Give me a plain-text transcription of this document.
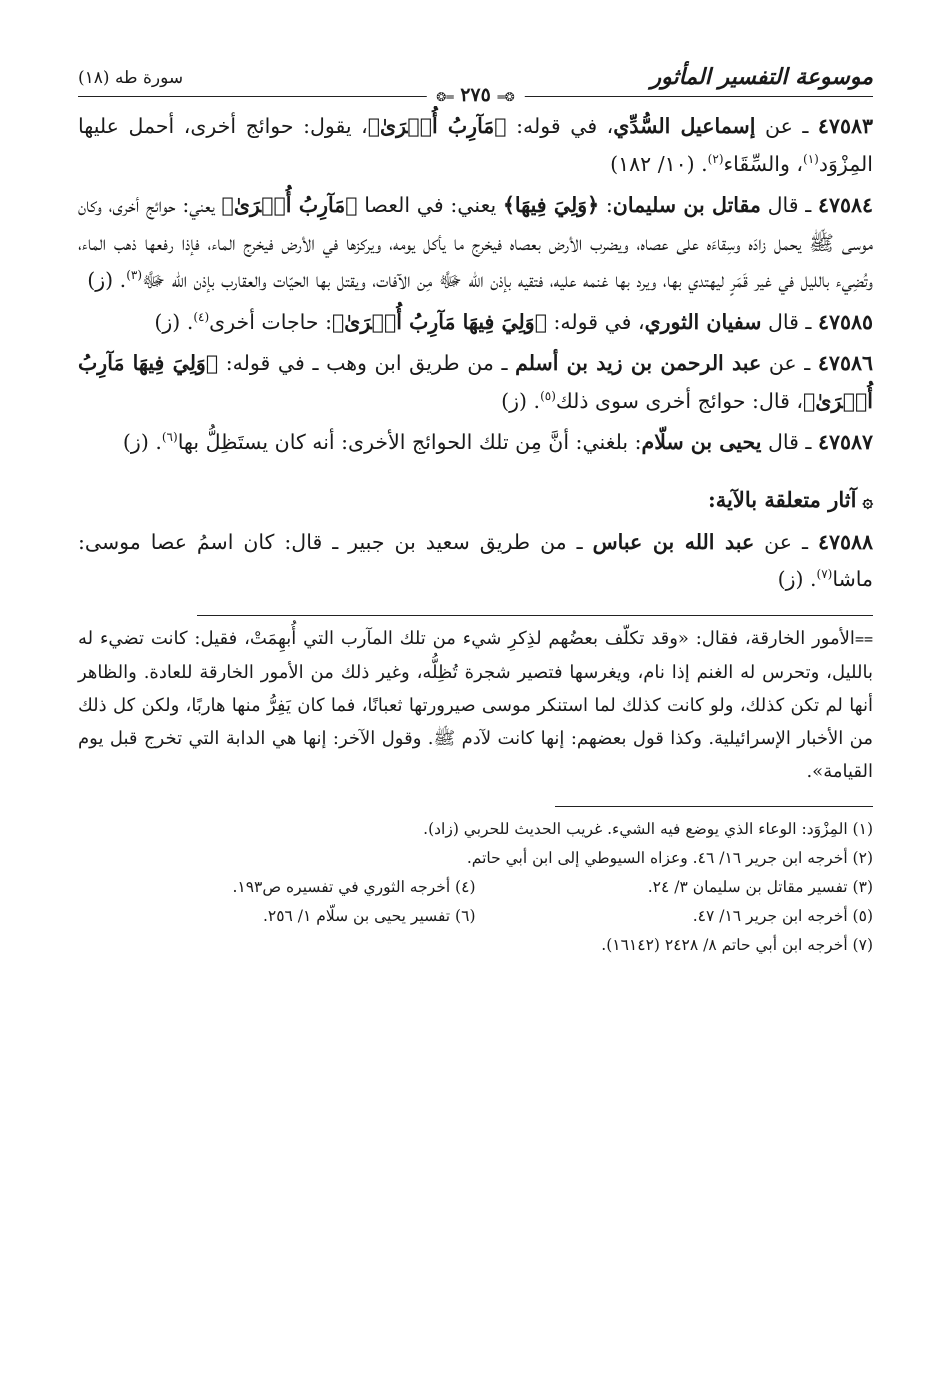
موسوعة التفسير المأثور
❂═ ٢٧٥ ═❂
سورة طه (١٨)

٤٧٥٨٣ ـ عن إسماعيل السُّدِّي، في قوله: ﴿مَآرِبُ أُخۡرَىٰ﴾، يقول: حوائج أخرى، أحمل عليها المِزْوَد$^{(١)}$، والسِّقَاء$^{(٢)}$. (١٠/ ١٨٢)

٤٧٥٨٤ ـ قال مقاتل بن سليمان: ﴿وَلِيَ فِيهَا﴾ يعني: في العصا ﴿مَآرِبُ أُخۡرَىٰ﴾ يعني: حوائج أخرى، وكان موسى ﷺ يحمل زادَه وسِقاءَه على عصاه، ويضرب الأرض بعصاه فيخرج ما يأكل يومه، ويركزها في الأرض فيخرج الماء، فإذا رفعها ذهب الماء، وتُضِيء بالليل في غير قَمَرٍ ليهتدي بها، ويرد بها غنمه عليه، فتقيه بإذن الله ﷻ مِن الآفات، ويقتل بها الحيّات والعقارب بإذن الله ﷻ$^{(٣)}$. (ز)

٤٧٥٨٥ ـ قال سفيان الثوري، في قوله: ﴿وَلِيَ فِيهَا مَآرِبُ أُخۡرَىٰ﴾: حاجات أخرى$^{(٤)}$. (ز)

٤٧٥٨٦ ـ عن عبد الرحمن بن زيد بن أسلم ـ من طريق ابن وهب ـ في قوله: ﴿وَلِيَ فِيهَا مَآرِبُ أُخۡرَىٰ﴾، قال: حوائج أخرى سوى ذلك$^{(٥)}$. (ز)

٤٧٥٨٧ ـ قال يحيى بن سلّام: بلغني: أنَّ مِن تلك الحوائج الأخرى: أنه كان يستَظِلُّ بها$^{(٦)}$. (ز)

۞آثار متعلقة بالآية:

٤٧٥٨٨ ـ عن عبد الله بن عباس ـ من طريق سعيد بن جبير ـ قال: كان اسمُ عصا موسى: ماشا$^{(٧)}$. (ز)

==الأمور الخارقة، فقال: «وقد تكلّف بعضُهم لذِكرِ شيء من تلك المآرب التي أُبهِمَتْ، فقيل: كانت تضيء له بالليل، وتحرس له الغنم إذا نام، ويغرسها فتصير شجرة تُظِلُّه، وغير ذلك من الأمور الخارقة للعادة. والظاهر أنها لم تكن كذلك، ولو كانت كذلك لما استنكر موسى صيرورتها ثعبانًا، فما كان يَفِرُّ منها هاربًا، ولكن كل ذلك من الأخبار الإسرائيلية. وكذا قول بعضهم: إنها كانت لآدم ﷺ. وقول الآخر: إنها هي الدابة التي تخرج قبل يوم القيامة».

(١) المِزْوَد: الوعاء الذي يوضع فيه الشيء. غريب الحديث للحربي (زاد).
(٢) أخرجه ابن جرير ١٦/ ٤٦. وعزاه السيوطي إلى ابن أبي حاتم.
(٣) تفسير مقاتل بن سليمان ٣/ ٢٤.
(٤) أخرجه الثوري في تفسيره ص١٩٣.
(٥) أخرجه ابن جرير ١٦/ ٤٧.
(٦) تفسير يحيى بن سلّام ١/ ٢٥٦.
(٧) أخرجه ابن أبي حاتم ٨/ ٢٤٢٨ (١٦١٤٢).
